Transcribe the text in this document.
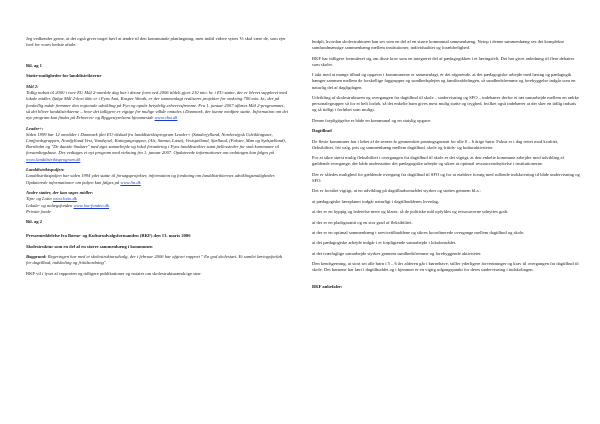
Jeg vedkender gerne, at det også giver noget bøvl at ændre til den kommunale planlægning, men indtil videre synes Vi skal være de, som ejer fred for vores bedste aftale.

Bil. ag 1

Støtte-muligheder for landdistrikterne

Mål 2:

Tidlig indsat til 2000 i vore EU Mål 2-område dag har i denne form ved 2006 tildelt gjort 210 mio. kr. i EU-støtte, der er blevet suppleret med lokale midler. Ifølge Mål 2-kort ikke er i Fyns Amt, Kasper Wenth, er der sammenlagt realiseret projekter for omkring 700 mio. kr., der på forskellig måde fremmer den regionale udvikling på Fyn og opnår betydelig erhvervsfremme. Fra 1. januar 2007 afløses Mål 2-programmet, så det bliver landdistrikterne – hvor det tidligere er vigtige for mulige vilkår omtales i Danmark, der kunne medføre støtte. Information om det nye program kan findes på Erhvervs- og Byggestyrelsens hjemmeside www.ebst.dk

Leader+:

Siden 1999 har 12 områder i Danmark fået EU-tilskud fra landdistriktsprogram Leader+ (Sønderjylland, Nordvestjysk Udviklingsnet, Limfjordsgruppen, Nordjylland Vest, Vandsysel, Kattegatgruppen, (Als, Samsø, Læsø), Vestsjælland, Sjælland, (Falster, Møn og Sydsjælland), Bornholm og "De danske Småøer" med øget samarbejde og lokal forankring i Fyns landdistrikter samt fællessteder for små kommuner til forsamlingshuse. Der vedtages et nyt program med virkning fra 1. januar 2007. Opdaterede informationer om ordningen kan følges på www.landdistriktsprogram.dk

Landdistriktspuljen:

Landdistriktspuljen har siden 1994 ydet støtte til forsøgsprojekter, information og forskning om landdistrikternes udviklingsmuligheder. Opdaterede informationer om puljen kan følges på www.lin.dk

Andre støtter, der kan søges midler:

Tips- og Lotto www.lotto.dk

Lokale- og anlægsfonden www.loa-fonden.dk

Private fonde

Bil. ag 2

Pressemeddelelse fra Børne- og Kulturudvalgsformanden (BKF) den 13. marts 2006

Skolestruktur som en del af en større sammenhæng i kommunen

Baggrund: Regeringen har med et skolestrukturudvalg, der i februar 2006 har afgivet rapport " En god skolestart. Et samlet læringsforløb for dagtilbud, indskoling og fritidsordning".

BKF vil i lyset af rapporten og tidligere publikationer og notater om skolestrukturændr.ige sine

budplt, hvordan skolestrukturen kan ses som en del af en større kommunal sammenhæng. Netop i denne sammenhæng ses det komplekse samfundmæssige sammenhæng mellem institutioner, individualitet og forældrelighed.

BKF har tidligere formuleret sig om disse krav som en integreret del af pædagogikken i et læringsfelt. Det har givet anledning til flere debatter som skoler.

I takt med at mange tilbud og opgaver i kommunerne er sammenlagt, er det afgørende, at det pædagogiske arbejde med læring og pædagogik hænger sammen mellem de forskellige faggrupper og sundhedsplejen og familieafdelingen, så sundhedsfremme og forebyggelse indgår som en naturlig del af dagligdagen.

Udvikling af skolestrukturen og overgangen fra dagtilbud til skole – undervisning og SFO – indebærer derfor et tæt samarbejde mellem en række personalegrupper så for et helt forløb, så det enkelte barn gives mest mulig støtte og tryghed, hvilket også indebærer at der sker en tidlig indsats og så tidligt i forløbet som muligt.

Denne forpligtigelse er både en kommunal og en statslig opgave.

Dagtilbud

De fleste kommuner har i løbet af de senere år gennemført pasningsgaranti for alle 0 – 6 årige børn. Fokus er i dag rettet mod kvalitet, fleksibilitet, frit valg, pris og sammenhæng mellem dagtilbud, skole og fritids- og kulturaktiviteter.

For at sikre størst mulig fleksibilitet i overgangen fra dagtilbud til skole er det vigtigt, at den enkelte kommune arbejder med udvikling af gældende overgange, der både understøtter det pædagogiske arbejde og sikrer at optimal ressourceudnyttelse i institutionerne.

Der er således mulighed for gældende overgang fra dagtilbud til SFO og for at etablere forsøg med rullende indskrivning til både undervisning og SFO.

Det er forstået vigtigt, at en udvikling på dagtilbudsområdet styrkes og støttes gennem bl.a.:

at pædagogiske læreplaner indgår naturligt i dagtilbuddenes hverdag.

at der er en hyppig og lederelse mere og klarer, så de politiske mål opfyldes og ressourcerne udnyttes godt.

at der er en pladsgaranti og en stor grad af fleksibilitet.

at der er en optimal sammenhæng i servicetilbuddene og sikres koordinerede overgange mellem dagtilbud og skole.

at det pædagogiske arbejde indgår i et forpligtende samarbejde i lokalområdet.

at det tværfaglige samarbejde styrkes gennem sundhedsfremme og forebyggende aktiviteter.

Den kendsgerning, at stort set alle børn i 5 – 6 års alderen går i børnehave, stiller yderligere forventninger og krav til overgangen fra dagtilbud til skole. Det børnene har lært i dagtilbuddet og i hjemmet er en vigtig udgangspunkt for deres undervisning i indskolingen.

BKF anbefaler:
